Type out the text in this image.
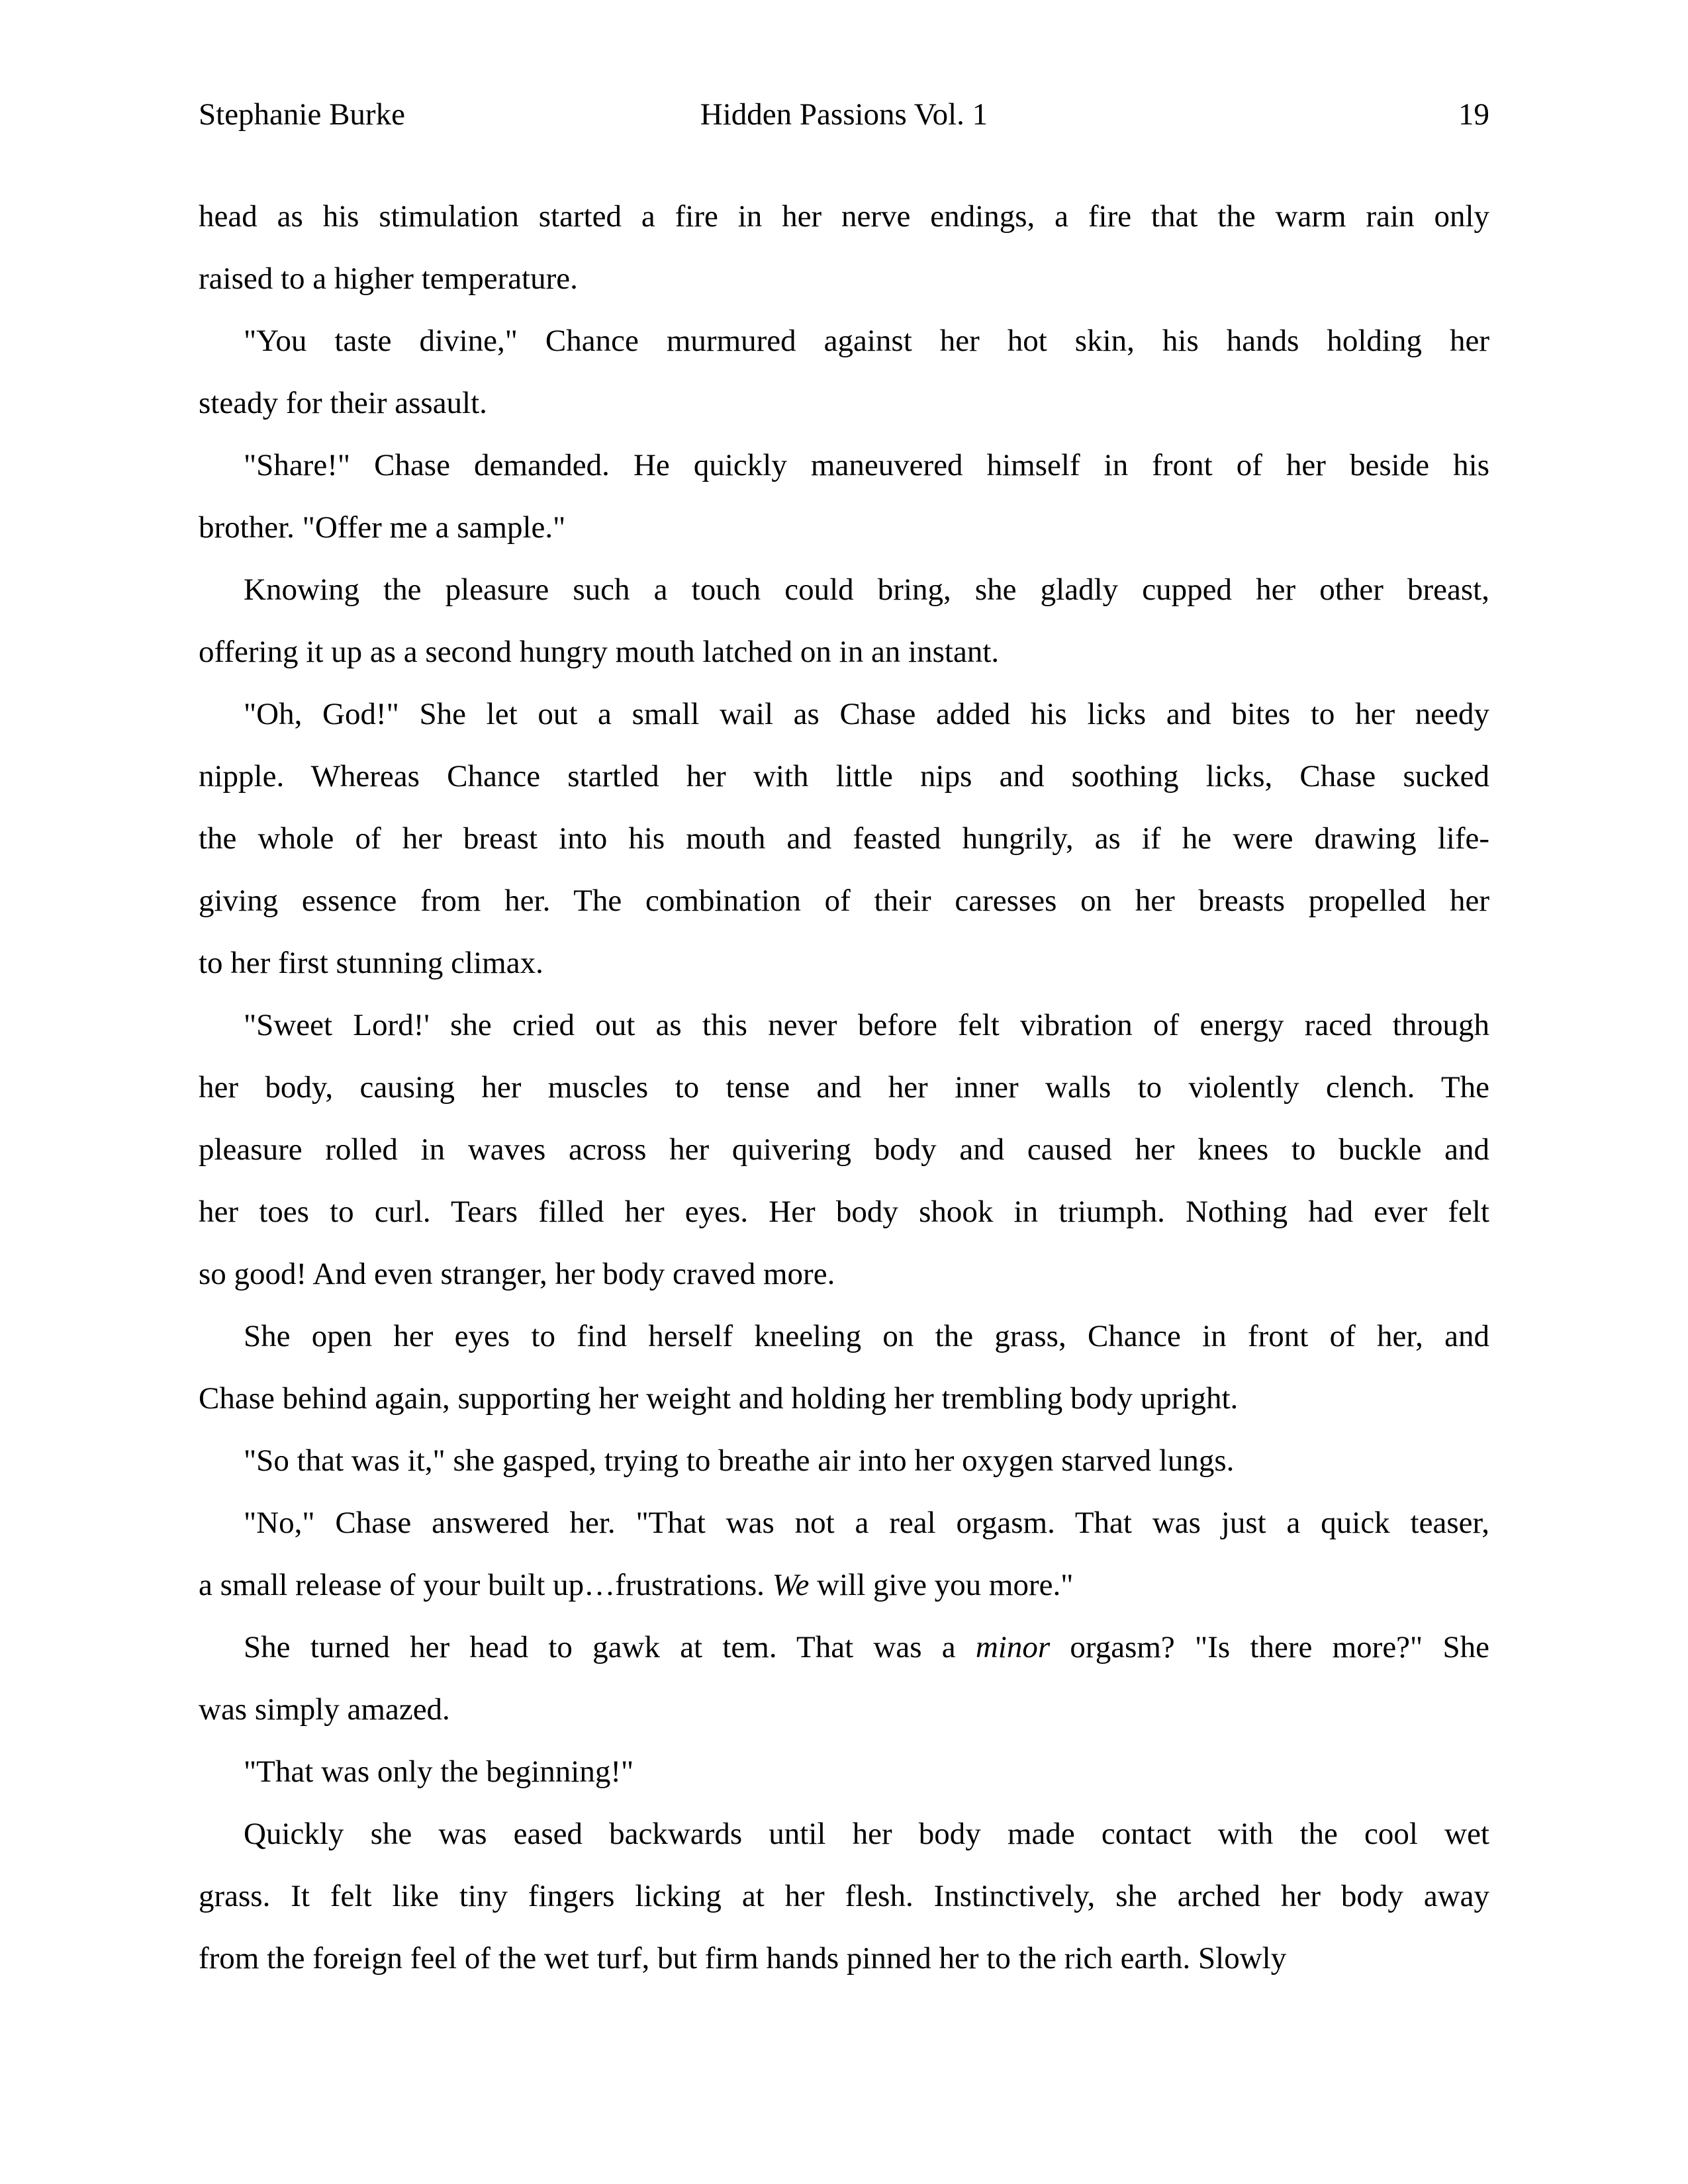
Stephanie Burke	Hidden Passions Vol. 1	19
head as his stimulation started a fire in her nerve endings, a fire that the warm rain only
raised to a higher temperature.
"You taste divine," Chance murmured against her hot skin, his hands holding her
steady for their assault.
"Share!" Chase demanded. He quickly maneuvered himself in front of her beside his
brother. "Offer me a sample."
Knowing the pleasure such a touch could bring, she gladly cupped her other breast,
offering it up as a second hungry mouth latched on in an instant.
"Oh, God!" She let out a small wail as Chase added his licks and bites to her needy
nipple. Whereas Chance startled her with little nips and soothing licks, Chase sucked
the whole of her breast into his mouth and feasted hungrily, as if he were drawing life-
giving essence from her. The combination of their caresses on her breasts propelled her
to her first stunning climax.
"Sweet Lord!' she cried out as this never before felt vibration of energy raced through
her body, causing her muscles to tense and her inner walls to violently clench. The
pleasure rolled in waves across her quivering body and caused her knees to buckle and
her toes to curl. Tears filled her eyes. Her body shook in triumph. Nothing had ever felt
so good! And even stranger, her body craved more.
She open her eyes to find herself kneeling on the grass, Chance in front of her, and
Chase behind again, supporting her weight and holding her trembling body upright.
"So that was it," she gasped, trying to breathe air into her oxygen starved lungs.
"No," Chase answered her. "That was not a real orgasm. That was just a quick teaser,
a small release of your built up…frustrations. We will give you more."
She turned her head to gawk at tem. That was a minor orgasm? "Is there more?" She
was simply amazed.
"That was only the beginning!"
Quickly she was eased backwards until her body made contact with the cool wet
grass. It felt like tiny fingers licking at her flesh. Instinctively, she arched her body away
from the foreign feel of the wet turf, but firm hands pinned her to the rich earth. Slowly
